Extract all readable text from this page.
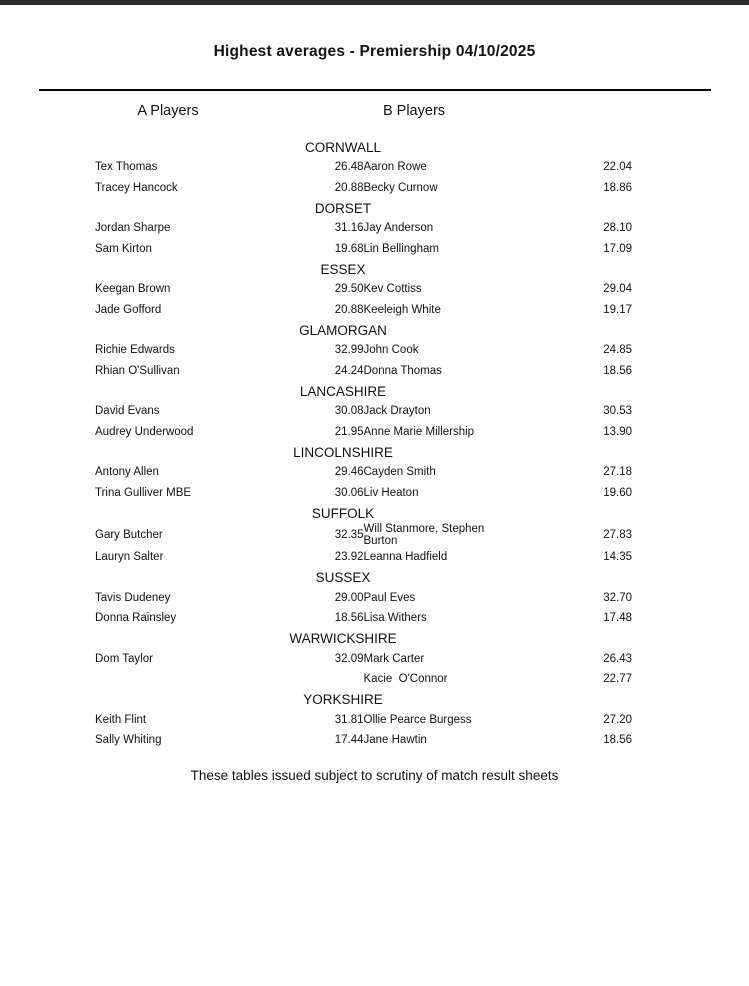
Highest averages - Premiership 04/10/2025
A Players	B Players
CORNWALL			
Tex Thomas	26.48	Aaron Rowe	22.04
Tracey Hancock	20.88	Becky Curnow	18.86
DORSET			
Jordan Sharpe	31.16	Jay Anderson	28.10
Sam Kirton	19.68	Lin Bellingham	17.09
ESSEX			
Keegan Brown	29.50	Kev Cottiss	29.04
Jade Gofford	20.88	Keeleigh White	19.17
GLAMORGAN			
Richie Edwards	32.99	John Cook	24.85
Rhian O'Sullivan	24.24	Donna Thomas	18.56
LANCASHIRE			
David Evans	30.08	Jack Drayton	30.53
Audrey Underwood	21.95	Anne Marie Millership	13.90
LINCOLNSHIRE			
Antony Allen	29.46	Cayden Smith	27.18
Trina Gulliver MBE	30.06	Liv Heaton	19.60
SUFFOLK			
Gary Butcher	32.35	Will Stanmore, Stephen Burton	27.83
Lauryn Salter	23.92	Leanna Hadfield	14.35
SUSSEX			
Tavis Dudeney	29.00	Paul Eves	32.70
Donna Rainsley	18.56	Lisa Withers	17.48
WARWICKSHIRE			
Dom Taylor	32.09	Mark Carter	26.43
		Kacie  O'Connor	22.77
YORKSHIRE			
Keith Flint	31.81	Ollie Pearce Burgess	27.20
Sally Whiting	17.44	Jane Hawtin	18.56
These tables issued subject to scrutiny of match result sheets
